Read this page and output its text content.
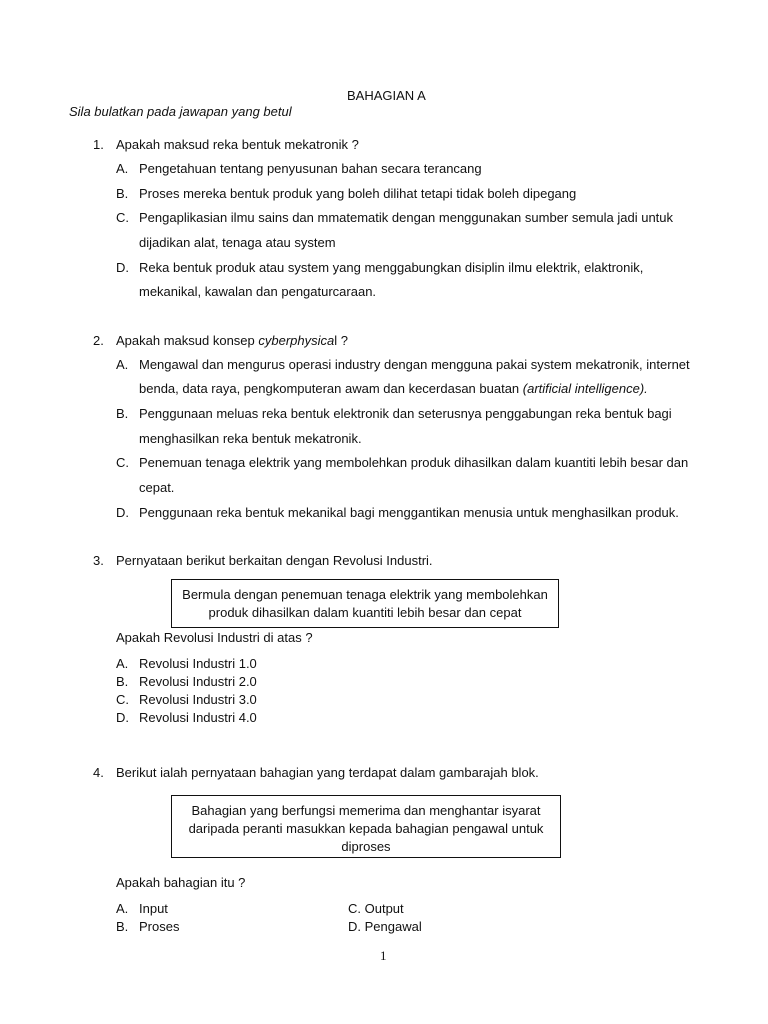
BAHAGIAN A
Sila bulatkan pada jawapan yang betul
1. Apakah maksud reka bentuk mekatronik ?
A. Pengetahuan tentang penyusunan bahan secara terancang
B. Proses mereka bentuk produk yang boleh dilihat tetapi tidak boleh dipegang
C. Pengaplikasian ilmu sains dan mmatematik dengan menggunakan sumber semula jadi untuk
dijadikan alat, tenaga atau system
D. Reka bentuk produk atau system yang menggabungkan disiplin ilmu elektrik, elaktronik,
mekanikal, kawalan dan pengaturcaraan.
2. Apakah maksud konsep cyberphysical ?
A. Mengawal dan mengurus operasi industry dengan mengguna pakai system mekatronik, internet
benda, data raya, pengkomputeran awam dan kecerdasan buatan (artificial intelligence).
B. Penggunaan meluas reka bentuk elektronik dan seterusnya penggabungan reka bentuk bagi
menghasilkan reka bentuk mekatronik.
C. Penemuan tenaga elektrik yang membolehkan produk dihasilkan dalam kuantiti lebih besar dan
cepat.
D. Penggunaan reka bentuk mekanikal bagi menggantikan menusia untuk menghasilkan produk.
3. Pernyataan berikut berkaitan dengan Revolusi Industri.
Bermula dengan penemuan tenaga elektrik yang membolehkan
produk dihasilkan dalam kuantiti lebih besar dan cepat
Apakah Revolusi Industri di atas ?
A. Revolusi Industri 1.0
B. Revolusi Industri 2.0
C. Revolusi Industri 3.0
D. Revolusi Industri 4.0
4. Berikut ialah pernyataan bahagian yang terdapat dalam gambarajah blok.
Bahagian yang berfungsi memerima dan menghantar isyarat
daripada peranti masukkan kepada bahagian pengawal untuk
diproses
Apakah bahagian itu ?
A. Input
B. Proses
C. Output
D. Pengawal
1
